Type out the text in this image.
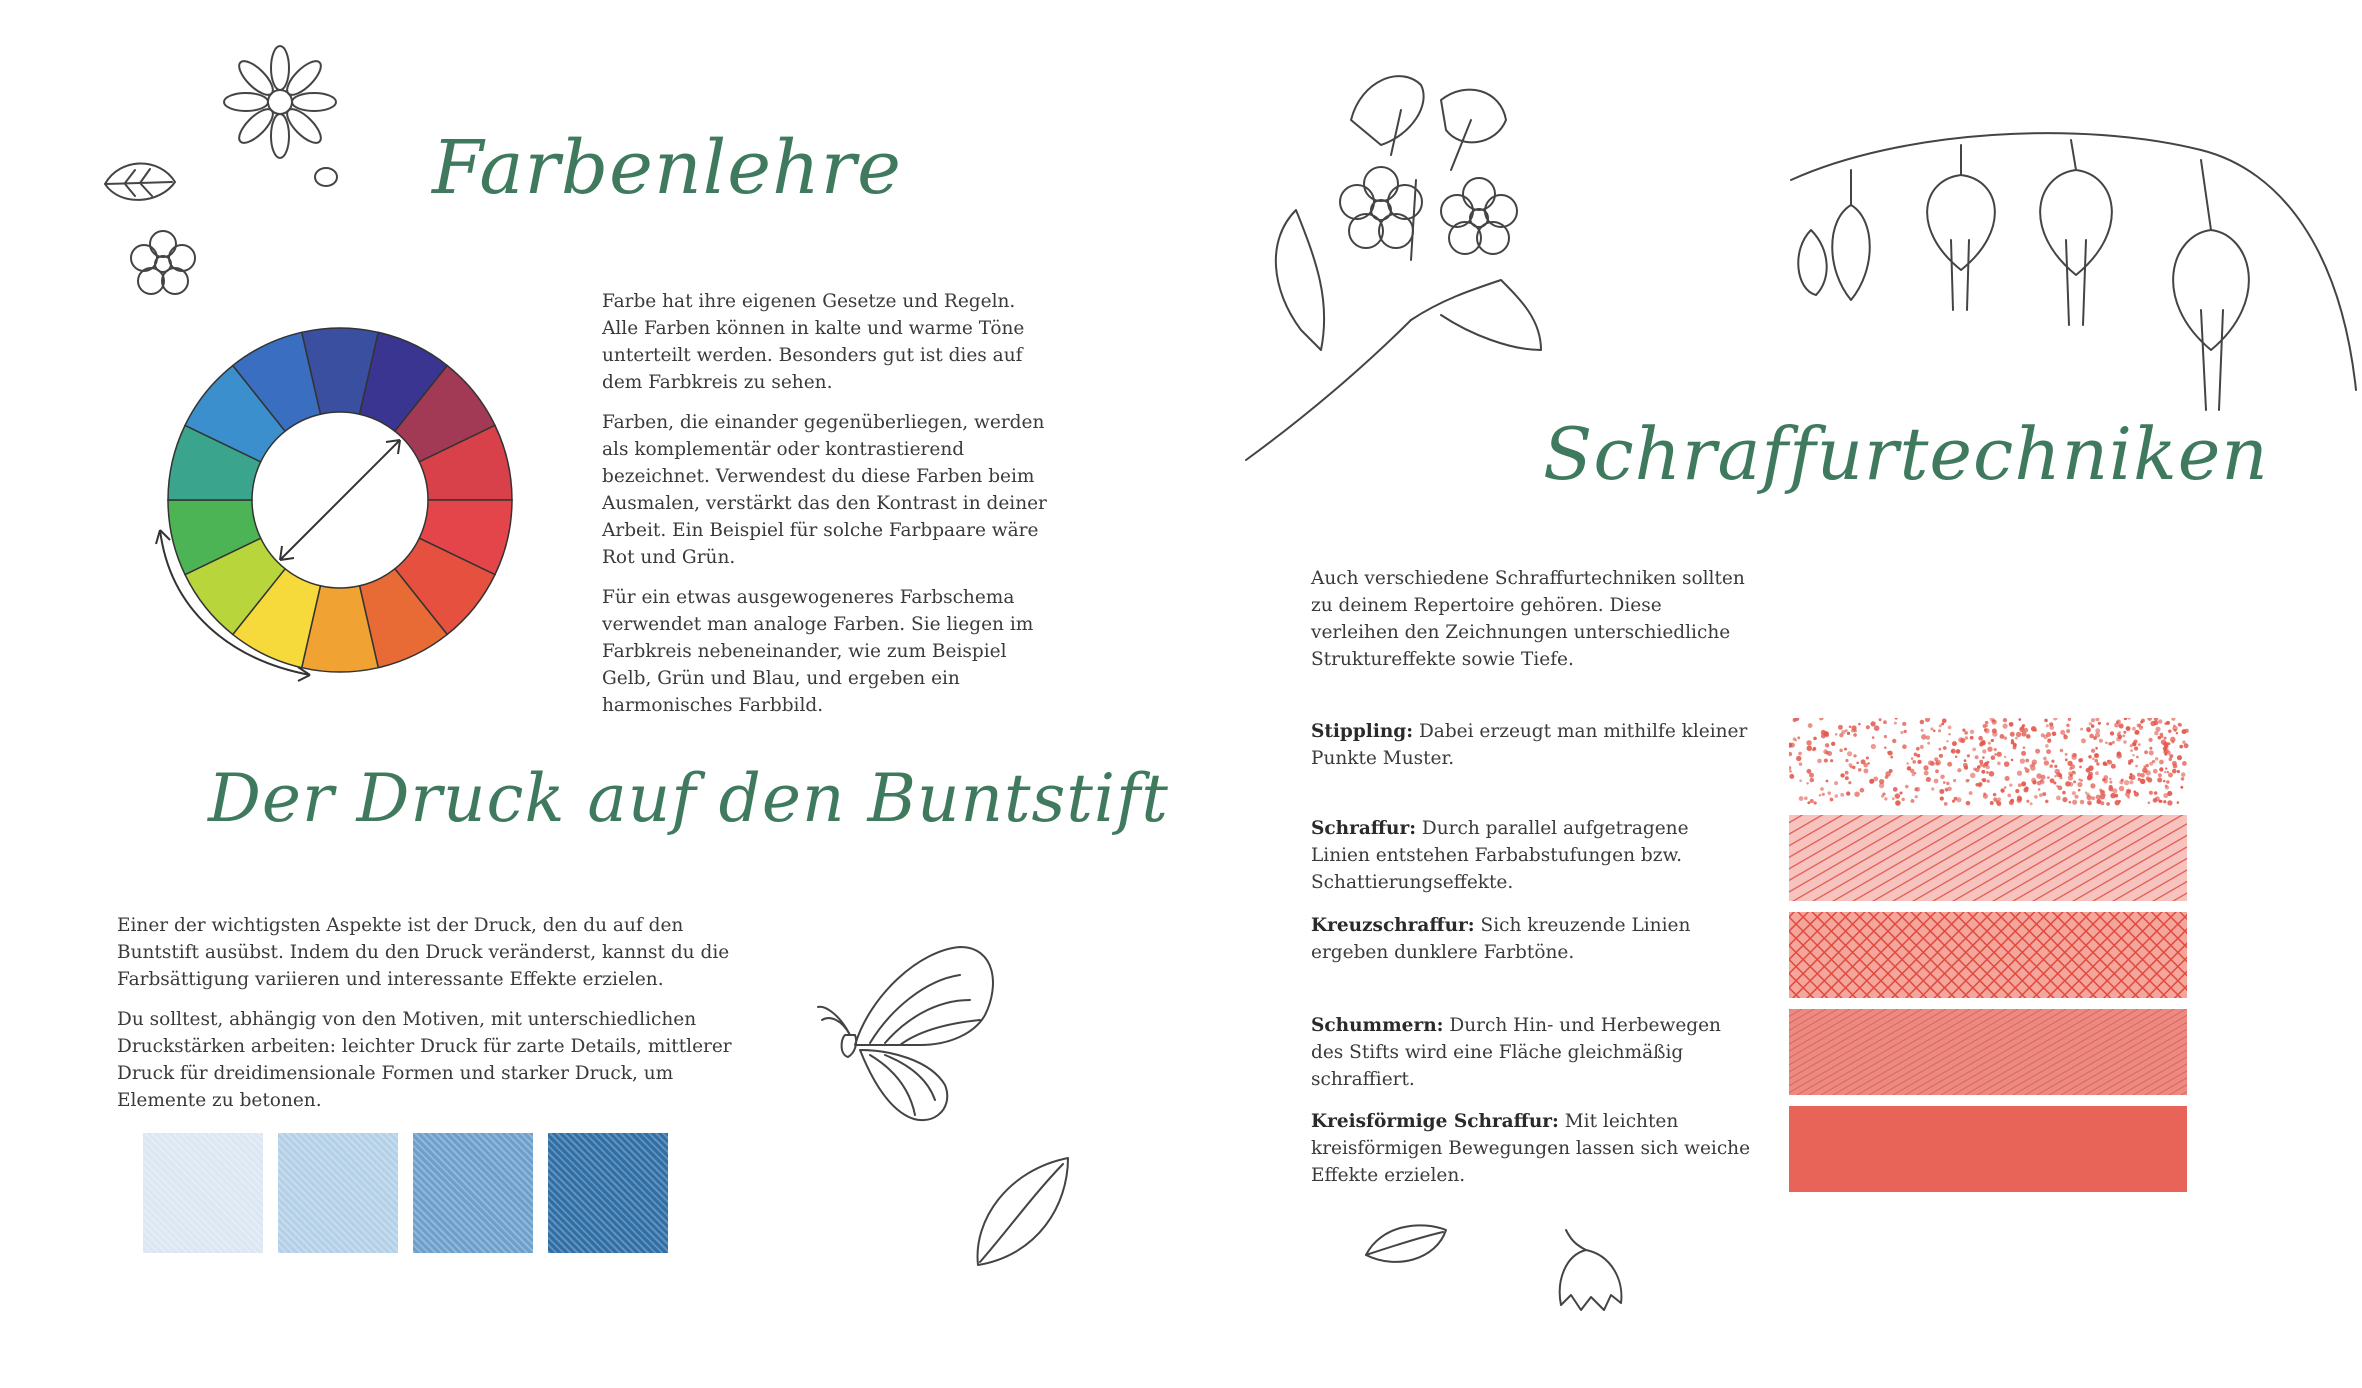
Farbenlehre

Farbe hat ihre eigenen Gesetze und Regeln. Alle Farben können in kalte und warme Töne unterteilt werden. Besonders gut ist dies auf dem Farbkreis zu sehen.

Farben, die einander gegenüberliegen, werden als komplementär oder kontrastierend bezeichnet. Verwendest du diese Farben beim Ausmalen, verstärkt das den Kontrast in deiner Arbeit. Ein Beispiel für solche Farbpaare wäre Rot und Grün.

Für ein etwas ausgewogeneres Farbschema verwendet man analoge Farben. Sie liegen im Farbkreis nebeneinander, wie zum Beispiel Gelb, Grün und Blau, und ergeben ein harmonisches Farbbild.

Der Druck auf den Buntstift

Einer der wichtigsten Aspekte ist der Druck, den du auf den Buntstift ausübst. Indem du den Druck veränderst, kannst du die Farbsättigung variieren und interessante Effekte erzielen.

Du solltest, abhängig von den Motiven, mit unterschiedlichen Druckstärken arbeiten: leichter Druck für zarte Details, mittlerer Druck für dreidimensionale Formen und starker Druck, um Elemente zu betonen.

Schraffurtechniken

Auch verschiedene Schraffurtechniken sollten zu deinem Repertoire gehören. Diese verleihen den Zeichnungen unterschiedliche Struktureffekte sowie Tiefe.

Stippling: Dabei erzeugt man mithilfe kleiner Punkte Muster.
Schraffur: Durch parallel aufgetragene Linien entstehen Farbabstufungen bzw. Schattierungseffekte.
Kreuzschraffur: Sich kreuzende Linien ergeben dunklere Farbtöne.
Schummern: Durch Hin- und Herbewegen des Stifts wird eine Fläche gleichmäßig schraffiert.
Kreisförmige Schraffur: Mit leichten kreisförmigen Bewegungen lassen sich weiche Effekte erzielen.
